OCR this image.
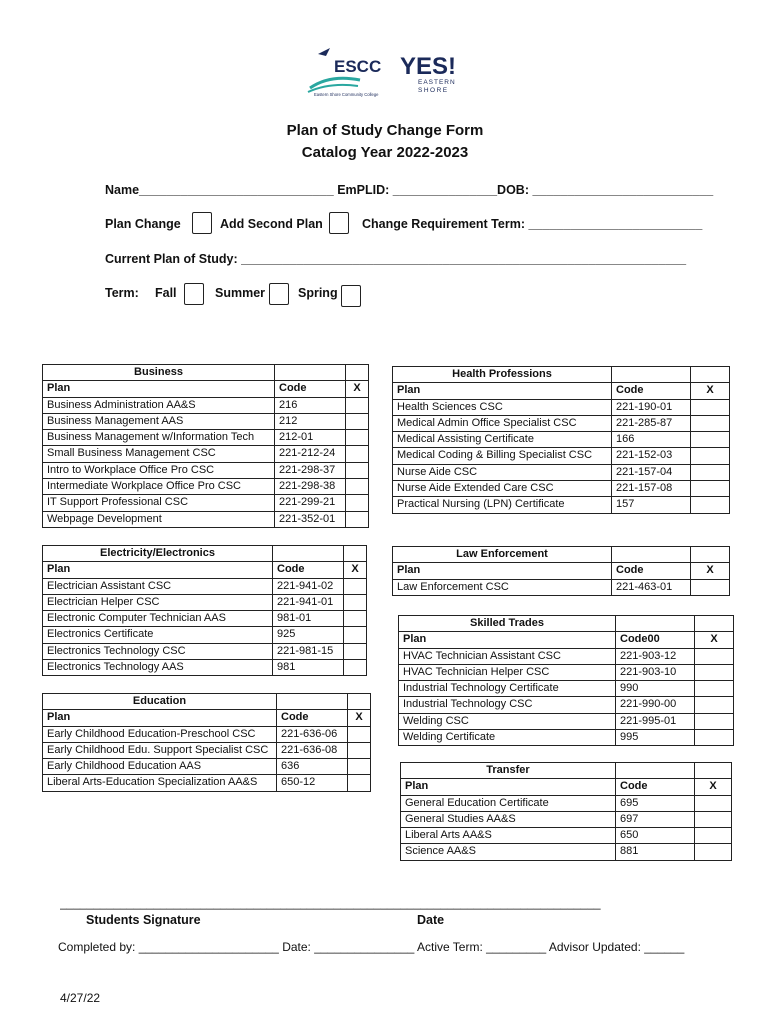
ESCC
Eastern Shore Community College
YES!
EASTERN
SHORE
Plan of Study Change Form
Catalog Year 2022-2023
Name____________________________ EmPLID: _______________DOB: __________________________
Plan Change	Add Second Plan	Change Requirement Term: _________________________
Current Plan of Study: ________________________________________________________________
Term: Fall	Summer	Spring
Business		
Plan	Code	X
Business Administration AA&S	216	
Business Management AAS	212	
Business Management w/Information Tech	212-01	
Small Business Management CSC	221-212-24	
Intro to Workplace Office Pro CSC	221-298-37	
Intermediate Workplace Office Pro CSC	221-298-38	
IT Support Professional CSC	221-299-21	
Webpage Development	221-352-01	
Electricity/Electronics		
Plan	Code	X
Electrician Assistant CSC	221-941-02	
Electrician Helper CSC	221-941-01	
Electronic Computer Technician AAS	981-01	
Electronics Certificate	925	
Electronics Technology CSC	221-981-15	
Electronics Technology AAS	981	
Education		
Plan	Code	X
Early Childhood Education-Preschool CSC	221-636-06	
Early Childhood Edu. Support Specialist CSC	221-636-08	
Early Childhood Education AAS	636	
Liberal Arts-Education Specialization AA&S	650-12	
Health Professions		
Plan	Code	X
Health Sciences CSC	221-190-01	
Medical Admin Office Specialist CSC	221-285-87	
Medical Assisting Certificate	166	
Medical Coding & Billing Specialist CSC	221-152-03	
Nurse Aide CSC	221-157-04	
Nurse Aide Extended Care CSC	221-157-08	
Practical Nursing (LPN) Certificate	157	
Law Enforcement		
Plan	Code	X
Law Enforcement CSC	221-463-01	
Skilled Trades		
Plan	Code00	X
HVAC Technician Assistant CSC	221-903-12	
HVAC Technician Helper CSC	221-903-10	
Industrial Technology Certificate	990	
Industrial Technology CSC	221-990-00	
Welding CSC	221-995-01	
Welding Certificate	995	
Transfer		
Plan	Code	X
General Education Certificate	695	
General Studies AA&S	697	
Liberal Arts AA&S	650	
Science AA&S	881	
_________________________________________________________________________________
Students Signature	Date
Completed by: _____________________ Date: _______________ Active Term: _________ Advisor Updated: ______
4/27/22
